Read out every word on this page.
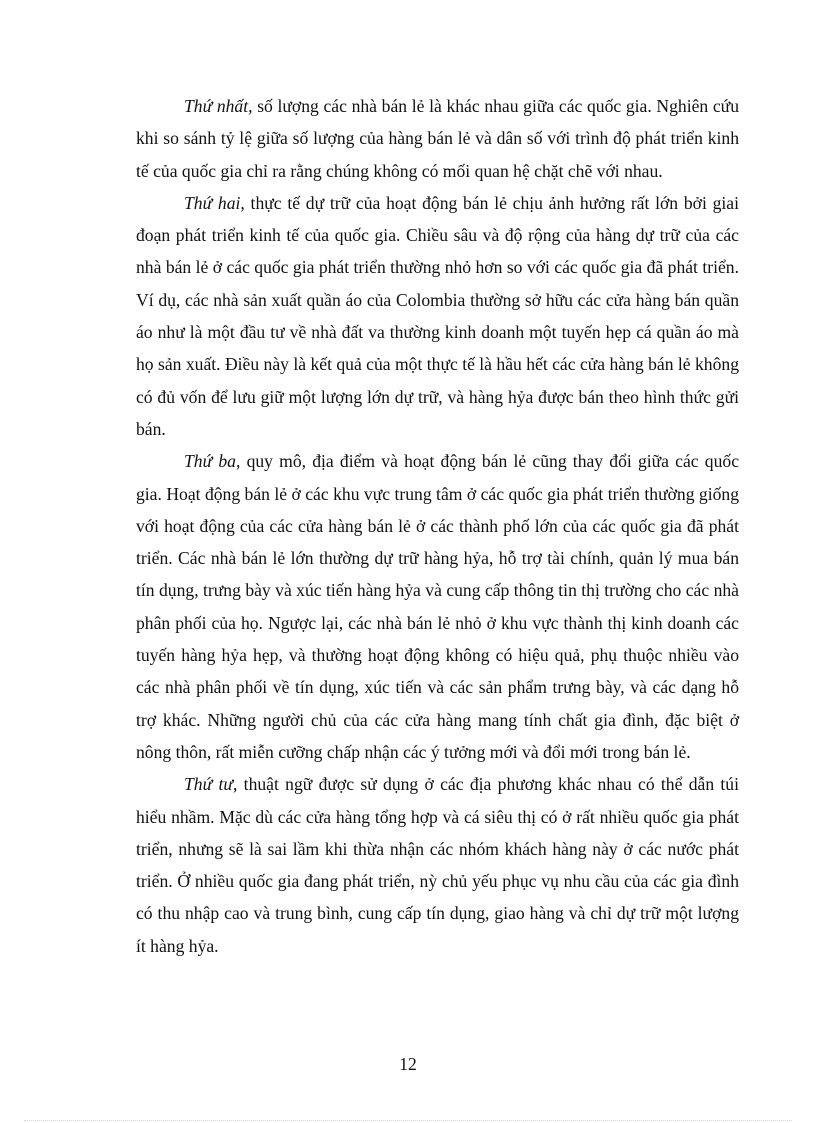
Thứ nhất, số lượng các nhà bán lẻ là khác nhau giữa các quốc gia. Nghiên cứu khi so sánh tỷ lệ giữa số lượng của hàng bán lẻ và dân số với trình độ phát triển kinh tế của quốc gia chỉ ra rằng chúng không có mối quan hệ chặt chẽ với nhau.

Thứ hai, thực tế dự trữ của hoạt động bán lẻ chịu ảnh hưởng rất lớn bởi giai đoạn phát triển kinh tế của quốc gia. Chiều sâu và độ rộng của hàng dự trữ của các nhà bán lẻ ở các quốc gia phát triển thường nhỏ hơn so với các quốc gia đã phát triển. Ví dụ, các nhà sản xuất quần áo của Colombia thường sở hữu các cửa hàng bán quần áo như là một đầu tư về nhà đất va thường kinh doanh một tuyến hẹp cá quần áo mà họ sản xuất. Điều này là kết quả của một thực tế là hầu hết các cửa hàng bán lẻ không có đủ vốn để lưu giữ một lượng lớn dự trữ, và hàng hỷa được bán theo hình thức gửi bán.

Thứ ba, quy mô, địa điểm và hoạt động bán lẻ cũng thay đổi giữa các quốc gia. Hoạt động bán lẻ ở các khu vực trung tâm ở các quốc gia phát triển thường giống với hoạt động của các cửa hàng bán lẻ ở các thành phố lớn của các quốc gia đã phát triển. Các nhà bán lẻ lớn thường dự trữ hàng hỷa, hỗ trợ tài chính, quản lý mua bán tín dụng, trưng bày và xúc tiến hàng hỷa và cung cấp thông tin thị trường cho các nhà phân phối của họ. Ngược lại, các nhà bán lẻ nhỏ ở khu vực thành thị kinh doanh các tuyến hàng hỷa hẹp, và thường hoạt động không có hiệu quả, phụ thuộc nhiều vào các nhà phân phối về tín dụng, xúc tiến và các sản phẩm trưng bày, và các dạng hỗ trợ khác. Những người chủ của các cửa hàng mang tính chất gia đình, đặc biệt ở nông thôn, rất miễn cưỡng chấp nhận các ý tưởng mới và đổi mới trong bán lẻ.

Thứ tư, thuật ngữ được sử dụng ở các địa phương khác nhau có thể dẫn túi hiểu nhầm. Mặc dù các cửa hàng tổng hợp và cá siêu thị có ở rất nhiều quốc gia phát triển, nhưng sẽ là sai lầm khi thừa nhận các nhóm khách hàng này ở các nước phát triển. Ở nhiều quốc gia đang phát triển, nỳ chủ yếu phục vụ nhu cầu của các gia đình có thu nhập cao và trung bình, cung cấp tín dụng, giao hàng và chỉ dự trữ một lượng ít hàng hỷa.

12
